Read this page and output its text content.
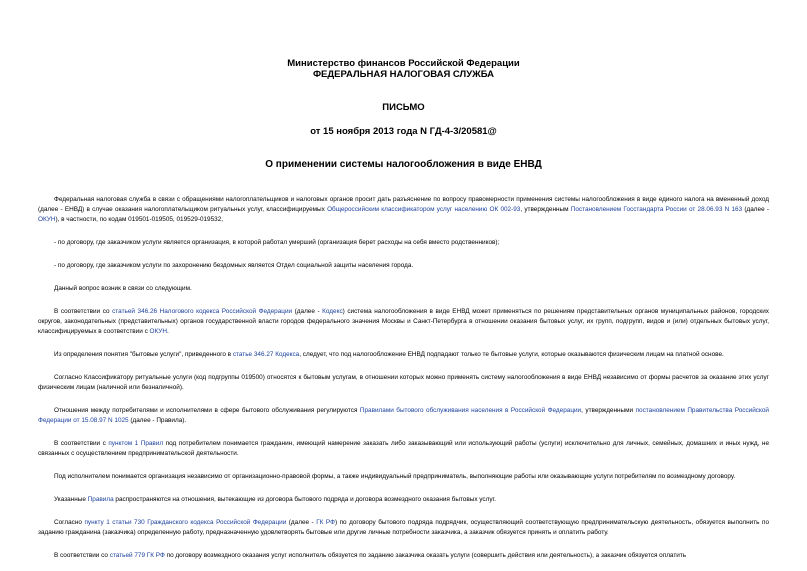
Министерство финансов Российской Федерации
ФЕДЕРАЛЬНАЯ НАЛОГОВАЯ СЛУЖБА
ПИСЬМО
от 15 ноября 2013 года N ГД-4-3/20581@
О применении системы налогообложения в виде ЕНВД

Федеральная налоговая служба в связи с обращениями налогоплательщиков и налоговых органов просит дать разъяснение по вопросу правомерности применения системы налогообложения в виде единого налога на вмененный доход (далее - ЕНВД) в случае оказания налогоплательщиком ритуальных услуг, классифицируемых Общероссийским классификатором услуг населению ОК 002-93, утвержденным Постановлением Госстандарта России от 28.06.93 N 163 (далее - ОКУН), в частности, по кодам 019501-019505, 019529-019532,

- по договору, где заказчиком услуги является организация, в которой работал умерший (организация берет расходы на себя вместо родственников);

- по договору, где заказчиком услуги по захоронению бездомных является Отдел социальной защиты населения города.

Данный вопрос возник в связи со следующим.

В соответствии со статьей 346.26 Налогового кодекса Российской Федерации (далее - Кодекс) система налогообложения в виде ЕНВД может применяться по решениям представительных органов муниципальных районов, городских округов, законодательных (представительных) органов государственной власти городов федерального значения Москвы и Санкт-Петербурга в отношении оказания бытовых услуг, их групп, подгрупп, видов и (или) отдельных бытовых услуг, классифицируемых в соответствии с ОКУН.

Из определения понятия "бытовые услуги", приведенного в статье 346.27 Кодекса, следует, что под налогообложение ЕНВД подпадают только те бытовые услуги, которые оказываются физическим лицам на платной основе.

Согласно Классификатору ритуальные услуги (код подгруппы 019500) относятся к бытовым услугам, в отношении которых можно применять систему налогообложения в виде ЕНВД независимо от формы расчетов за оказание этих услуг физическим лицам (наличной или безналичной).

Отношения между потребителями и исполнителями в сфере бытового обслуживания регулируются Правилами бытового обслуживания населения в Российской Федерации, утвержденными постановлением Правительства Российской Федерации от 15.08.97 N 1025 (далее - Правила).

В соответствии с пунктом 1 Правил под потребителем понимается гражданин, имеющий намерение заказать либо заказывающий или использующий работы (услуги) исключительно для личных, семейных, домашних и иных нужд, не связанных с осуществлением предпринимательской деятельности.

Под исполнителем понимается организация независимо от организационно-правовой формы, а также индивидуальный предприниматель, выполняющие работы или оказывающие услуги потребителям по возмездному договору.

Указанные Правила распространяются на отношения, вытекающие из договора бытового подряда и договора возмездного оказания бытовых услуг.

Согласно пункту 1 статьи 730 Гражданского кодекса Российской Федерации (далее - ГК РФ) по договору бытового подряда подрядчик, осуществляющий соответствующую предпринимательскую деятельность, обязуется выполнить по заданию гражданина (заказчика) определенную работу, предназначенную удовлетворять бытовые или другие личные потребности заказчика, а заказчик обязуется принять и оплатить работу.

В соответствии со статьей 779 ГК РФ по договору возмездного оказания услуг исполнитель обязуется по заданию заказчика оказать услуги (совершить действия или деятельность), а заказчик обязуется оплатить
